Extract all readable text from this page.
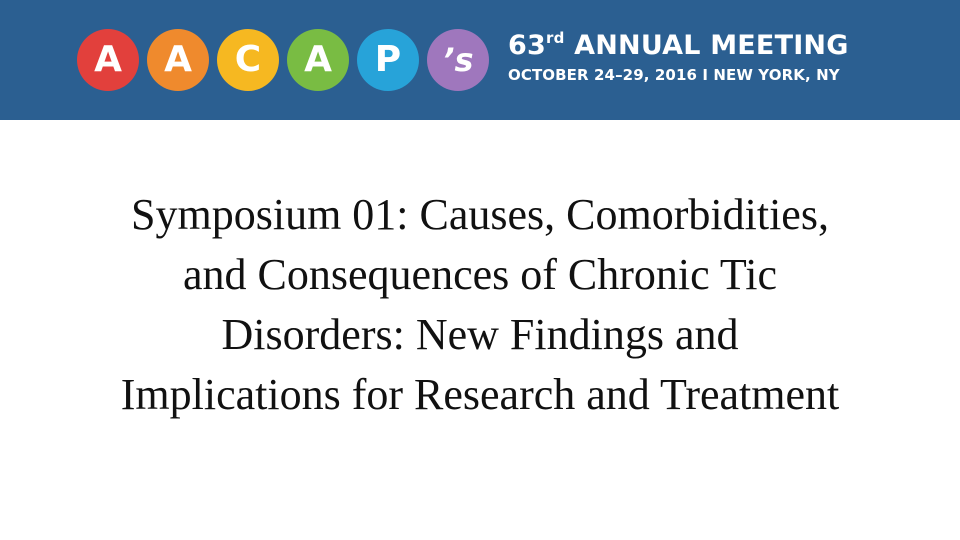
A	A	C	A	P	’s	63rd ANNUAL MEETING
OCTOBER 24–29, 2016 I NEW YORK, NY
Symposium 01: Causes, Comorbidities,
and Consequences of Chronic Tic
Disorders: New Findings and
Implications for Research and Treatment
